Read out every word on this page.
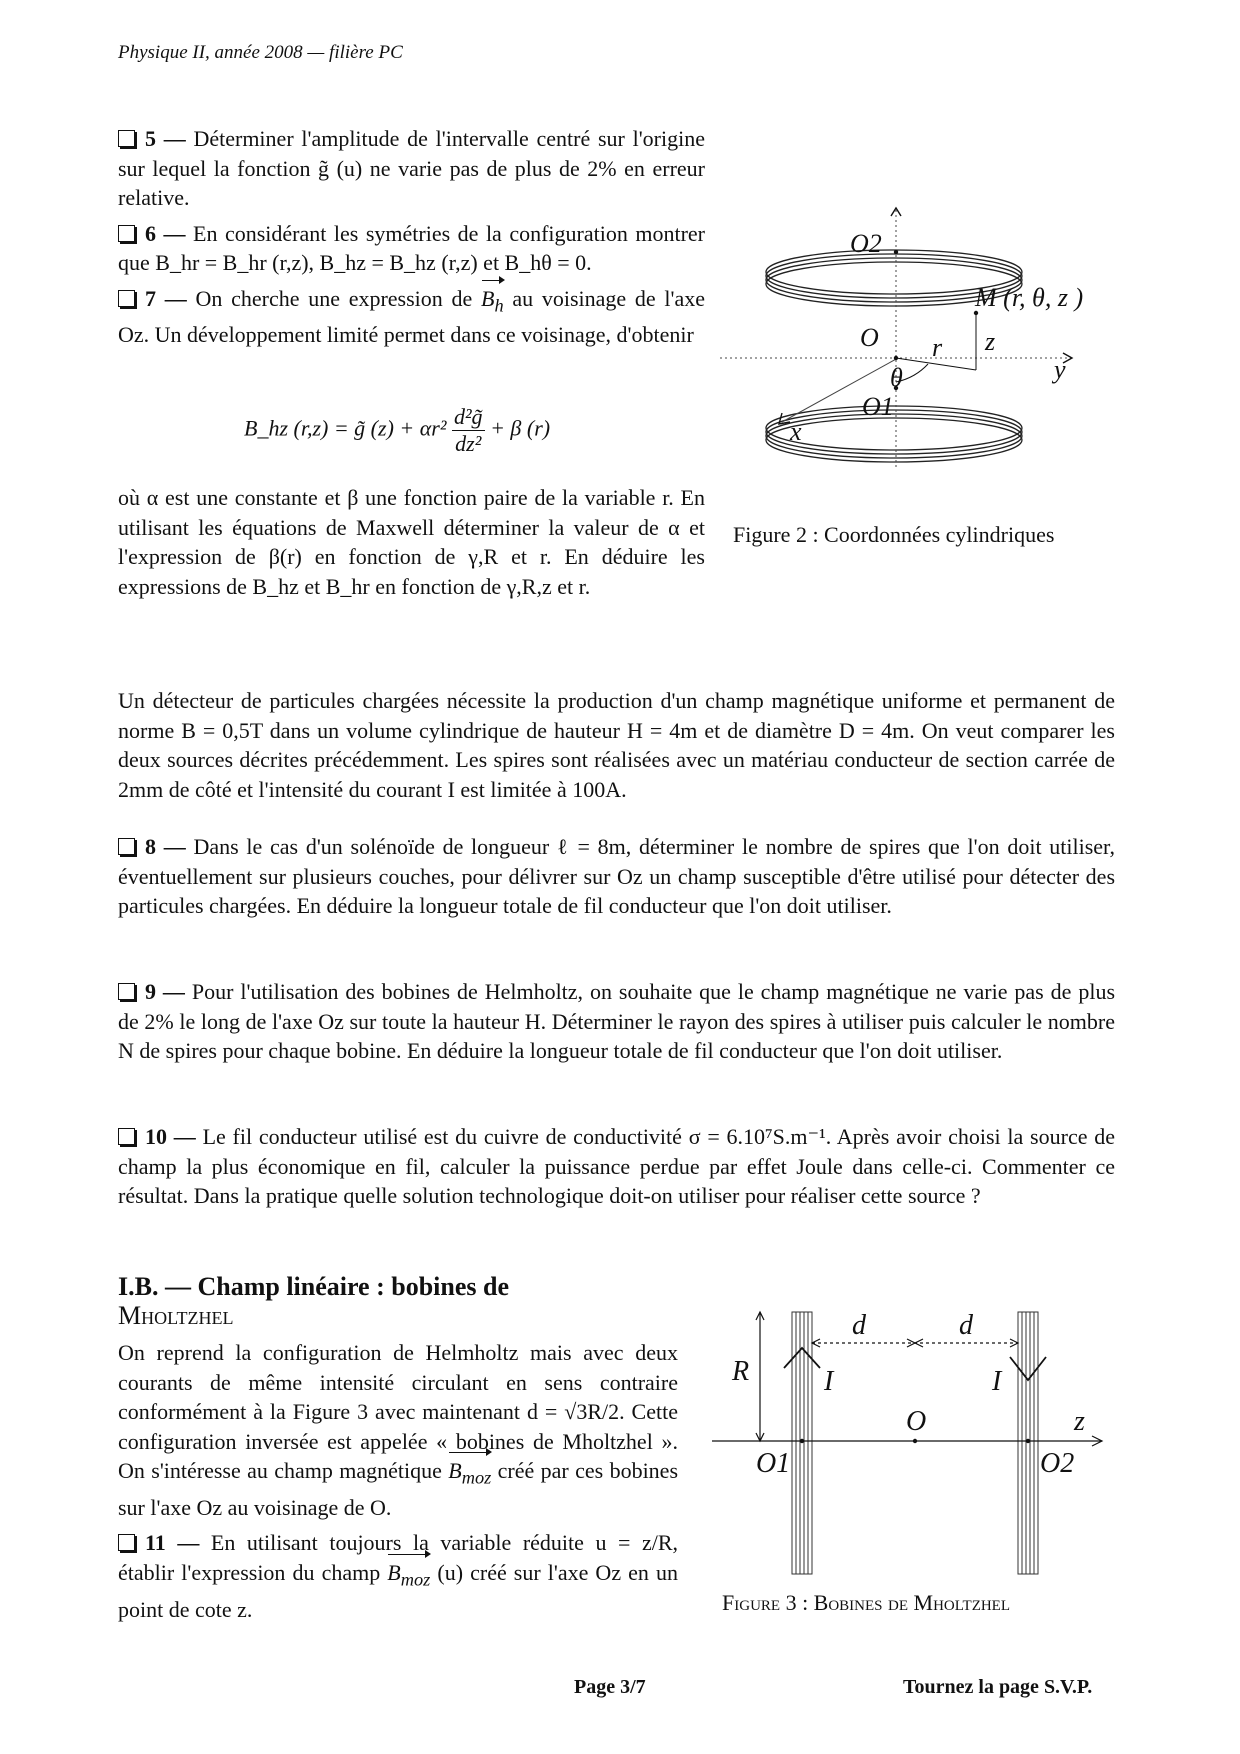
Physique II, année 2008 — filière PC

5 — Déterminer l'amplitude de l'intervalle centré sur l'origine sur lequel la fonction g̃ (u) ne varie pas de plus de 2% en erreur relative.

6 — En considérant les symétries de la configuration montrer que B_hr = B_hr (r,z), B_hz = B_hz (r,z) et B_hθ = 0.

7 — On cherche une expression de $B_h$ au voisinage de l'axe Oz. Un développement limité permet dans ce voisinage, d'obtenir

B_hz (r,z) = g̃ $(z) + \alpha r^2 \frac{\text{d²g̃}}{\text{dz²}} + \beta$ (r)

où α est une constante et β une fonction paire de la variable r. En utilisant les équations de Maxwell déterminer la valeur de α et l'expression de β(r) en fonction de γ,R et r. En déduire les expressions de B_hz et B_hr en fonction de γ,R,z et r.

O2
O
O1
M (r, θ, z )
r z
y
θ
x
Figure 2 : Coordonnées cylindriques

Un détecteur de particules chargées nécessite la production d'un champ magnétique uniforme et permanent de norme B = 0,5T dans un volume cylindrique de hauteur H = 4m et de diamètre D = 4m. On veut comparer les deux sources décrites précédemment. Les spires sont réalisées avec un matériau conducteur de section carrée de 2mm de côté et l'intensité du courant I est limitée à 100A.

8 — Dans le cas d'un solénoïde de longueur ℓ = 8m, déterminer le nombre de spires que l'on doit utiliser, éventuellement sur plusieurs couches, pour délivrer sur Oz un champ susceptible d'être utilisé pour détecter des particules chargées. En déduire la longueur totale de fil conducteur que l'on doit utiliser.

9 — Pour l'utilisation des bobines de Helmholtz, on souhaite que le champ magnétique ne varie pas de plus de 2% le long de l'axe Oz sur toute la hauteur H. Déterminer le rayon des spires à utiliser puis calculer le nombre N de spires pour chaque bobine. En déduire la longueur totale de fil conducteur que l'on doit utiliser.

10 — Le fil conducteur utilisé est du cuivre de conductivité σ = 6.10⁷S.m⁻¹. Après avoir choisi la source de champ la plus économique en fil, calculer la puissance perdue par effet Joule dans celle-ci. Commenter ce résultat. Dans la pratique quelle solution technologique doit-on utiliser pour réaliser cette source ?

I.B. — Champ linéaire : bobines de
Mholtzhel

On reprend la configuration de Helmholtz mais avec deux courants de même intensité circulant en sens contraire conformément à la Figure 3 avec maintenant d = √3R/2. Cette configuration inversée est appelée « bobines de Mholtzhel ». On s'intéresse au champ magnétique $B_{moz}$ créé par ces bobines sur l'axe Oz au voisinage de O.

11 — En utilisant toujours la variable réduite u = z/R, établir l'expression du champ $B_{moz}$ (u) créé sur l'axe Oz en un point de cote z.

d	d
R	I	I
O	z
O1	O2
Figure 3 : Bobines de Mholtzhel
Page 3/7	Tournez la page S.V.P.
